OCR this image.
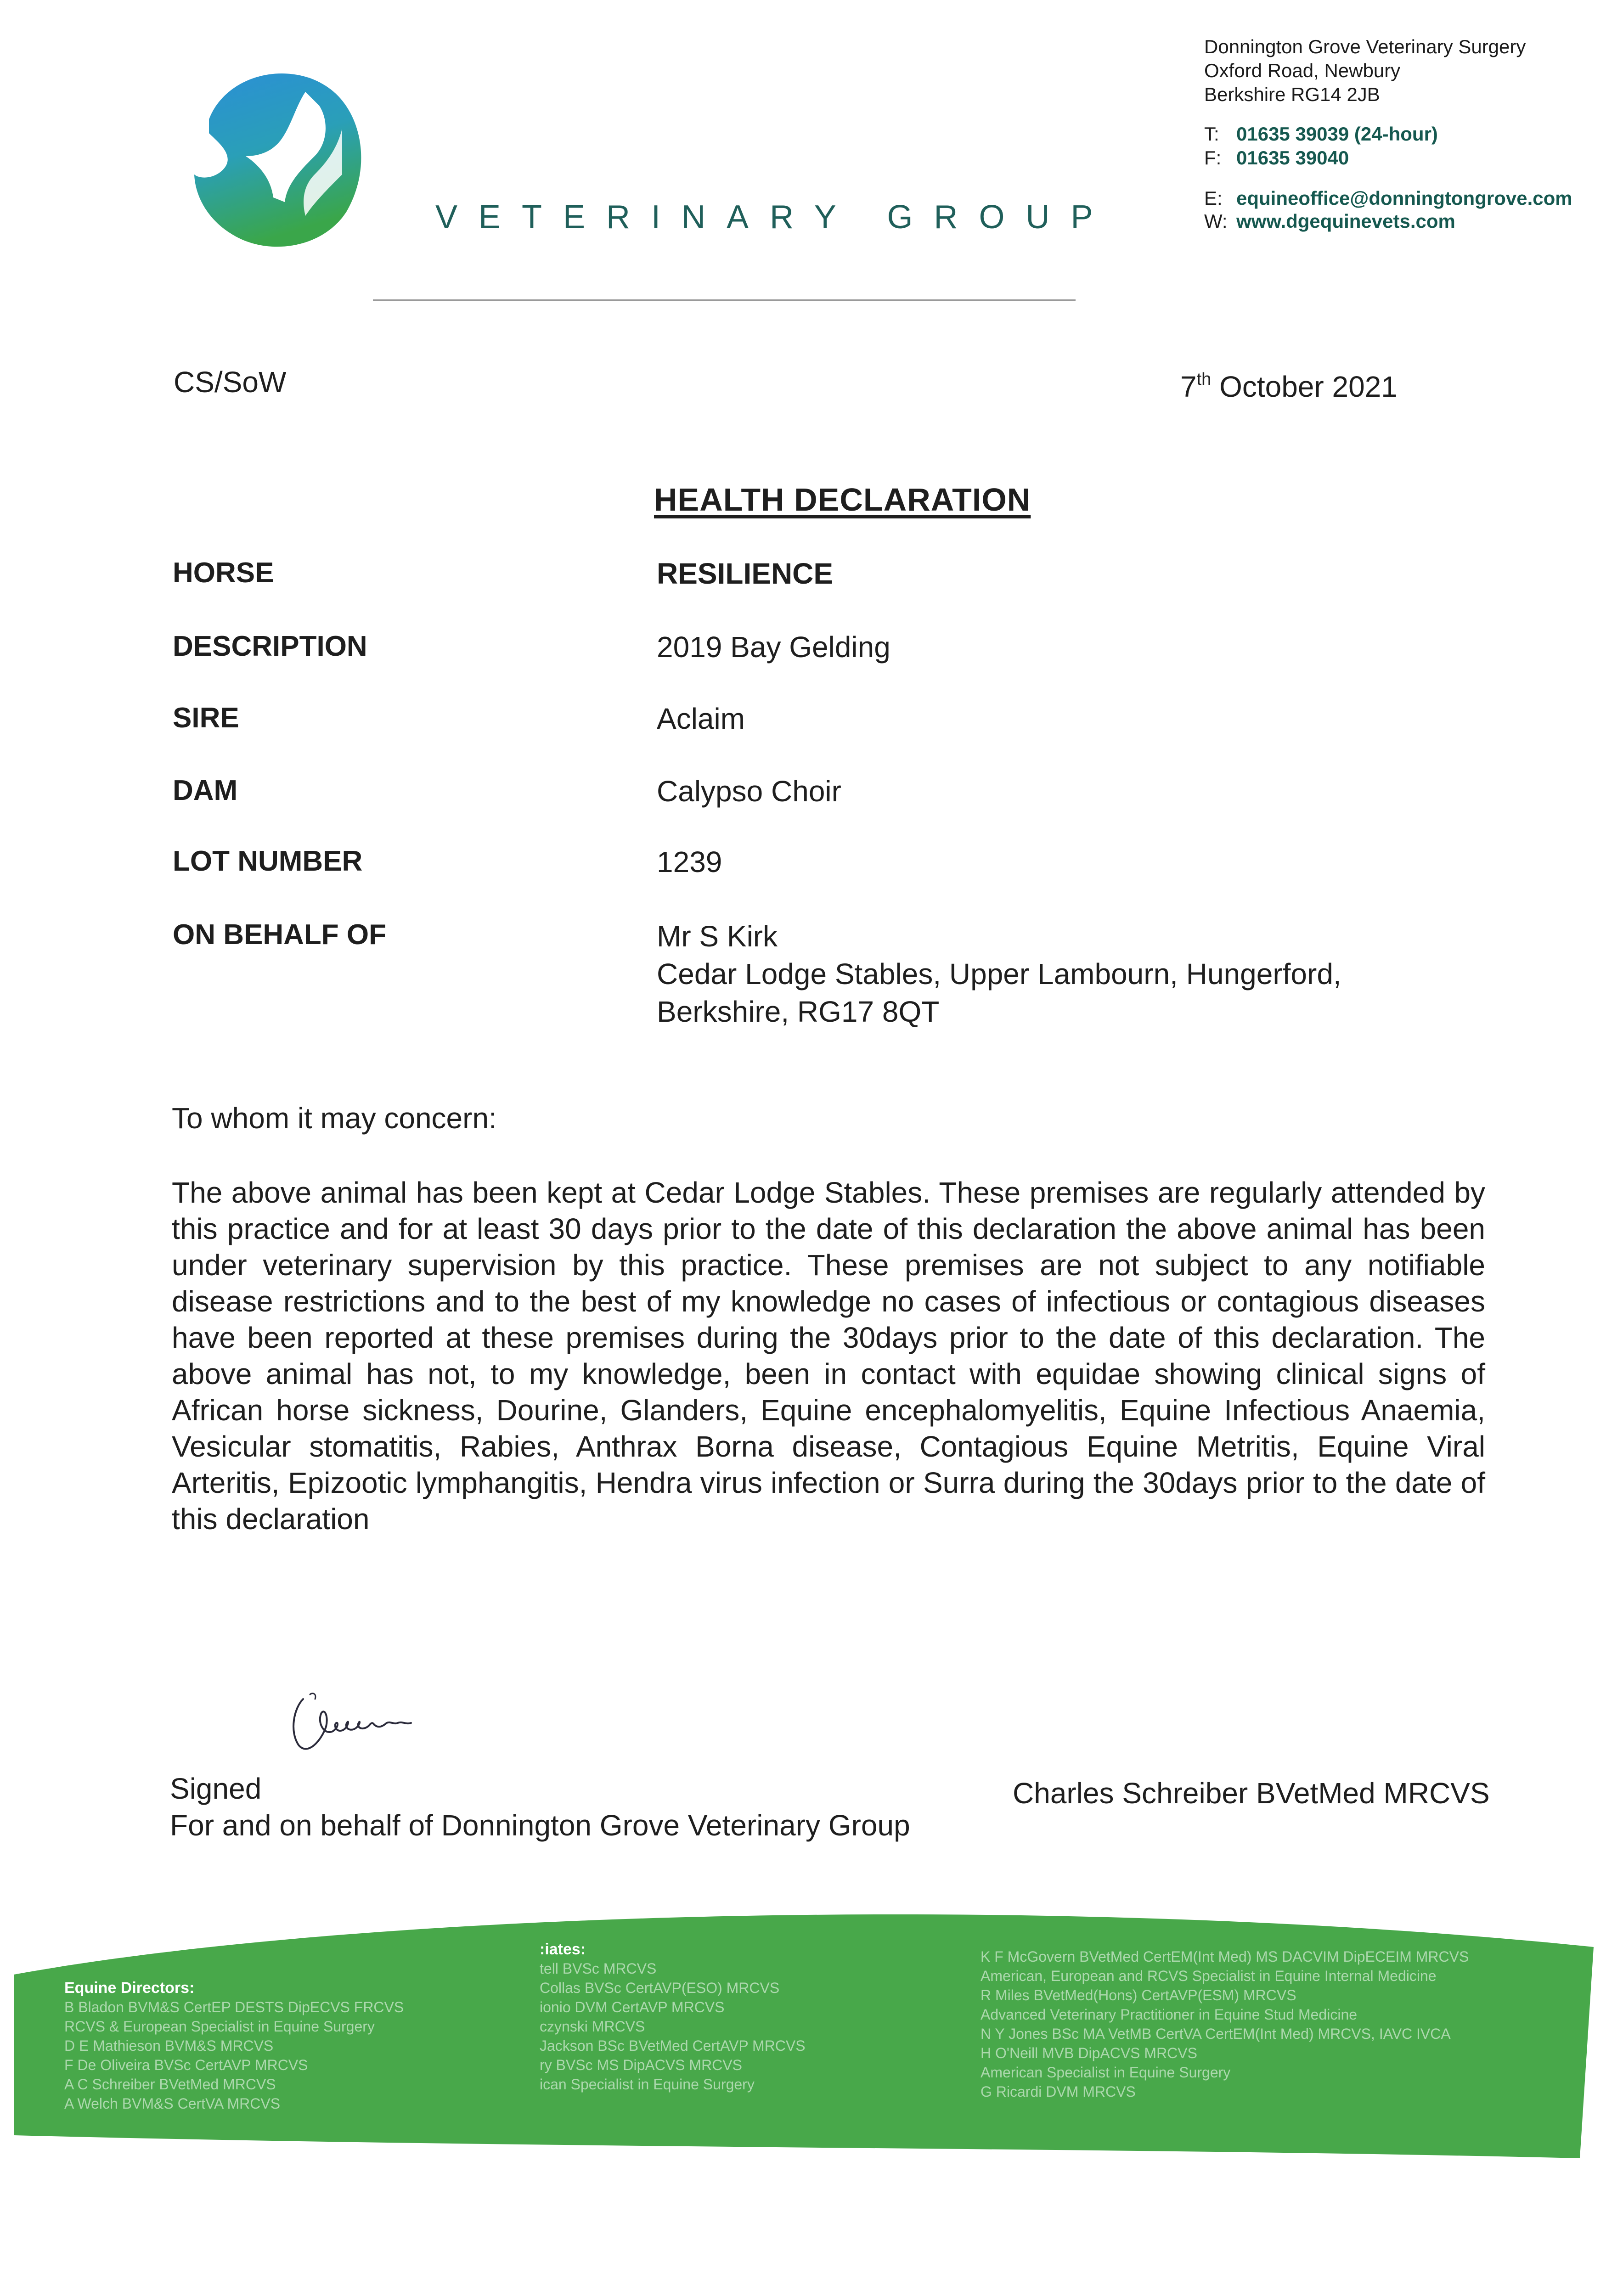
VETERINARY GROUP
Donnington Grove Veterinary Surgery
Oxford Road, Newbury
Berkshire RG14 2JB
T: 01635 39039 (24-hour)
F: 01635 39040
E: equineoffice@donningtongrove.com
W: www.dgequinevets.com
CS/SoW	7th October 2021
HEALTH DECLARATION
HORSE	RESILIENCE
DESCRIPTION	2019 Bay Gelding
SIRE	Aclaim
DAM	Calypso Choir
LOT NUMBER	1239
ON BEHALF OF	Mr S Kirk
Cedar Lodge Stables, Upper Lambourn, Hungerford,
Berkshire, RG17 8QT
To whom it may concern:
The above animal has been kept at Cedar Lodge Stables. These premises are regularly attended by this practice and for at least 30 days prior to the date of this declaration the above animal has been under veterinary supervision by this practice. These premises are not subject to any notifiable disease restrictions and to the best of my knowledge no cases of infectious or contagious diseases have been reported at these premises during the 30days prior to the date of this declaration. The above animal has not, to my knowledge, been in contact with equidae showing clinical signs of African horse sickness, Dourine, Glanders, Equine encephalomyelitis, Equine Infectious Anaemia, Vesicular stomatitis, Rabies, Anthrax Borna disease, Contagious Equine Metritis, Equine Viral Arteritis, Epizootic lymphangitis, Hendra virus infection or Surra during the 30days prior to the date of this declaration
Signed
For and on behalf of Donnington Grove Veterinary Group
Charles Schreiber BVetMed MRCVS
Equine Directors:
B Bladon BVM&S CertEP DESTS DipECVS FRCVS
RCVS & European Specialist in Equine Surgery
D E Mathieson BVM&S MRCVS
F De Oliveira BVSc CertAVP MRCVS
A C Schreiber BVetMed MRCVS
A Welch BVM&S CertVA MRCVS
:iates:
tell BVSc MRCVS
Collas BVSc CertAVP(ESO) MRCVS
ionio DVM CertAVP MRCVS
czynski MRCVS
Jackson BSc BVetMed CertAVP MRCVS
ry BVSc MS DipACVS MRCVS
ican Specialist in Equine Surgery
K F McGovern BVetMed CertEM(Int Med) MS DACVIM DipECEIM MRCVS
American, European and RCVS Specialist in Equine Internal Medicine
R Miles BVetMed(Hons) CertAVP(ESM) MRCVS
Advanced Veterinary Practitioner in Equine Stud Medicine
N Y Jones BSc MA VetMB CertVA CertEM(Int Med) MRCVS, IAVC IVCA
H O'Neill MVB DipACVS MRCVS
American Specialist in Equine Surgery
G Ricardi DVM MRCVS
